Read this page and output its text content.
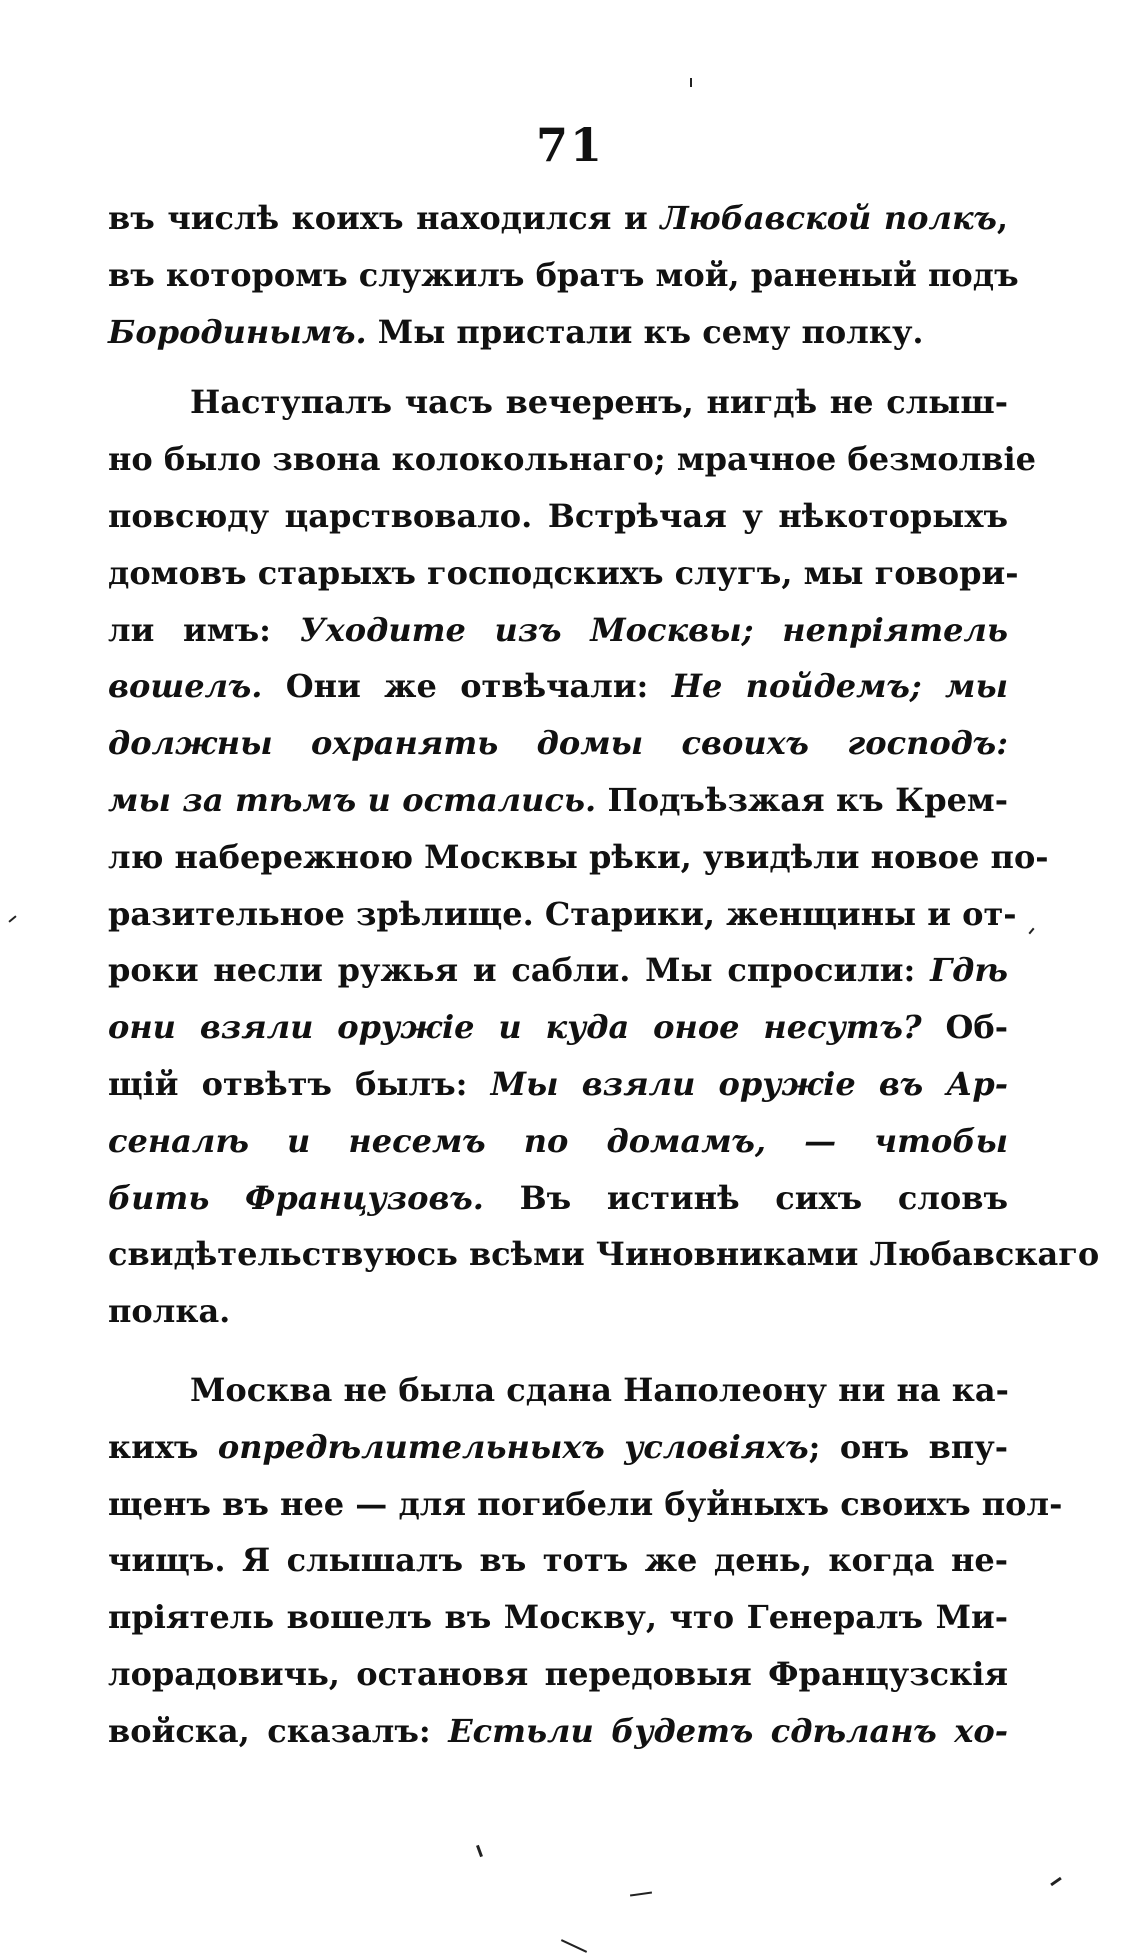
71
въ числѣ коихъ находился и Любавской полкъ,
въ которомъ служилъ братъ мой, раненый подъ
Бородинымъ. Мы пристали къ сему полку.
Наступалъ часъ вечеренъ, нигдѣ не слыш-
но было звона колокольнаго; мрачное безмолвіе
повсюду царствовало. Встрѣчая у нѣкоторыхъ
домовъ старыхъ господскихъ слугъ, мы говори-
ли имъ: Уходите изъ Москвы; непріятель
вошелъ. Они же отвѣчали: Не пойдемъ; мы
должны охранять домы своихъ господъ:
мы за тѣмъ и остались. Подъѣзжая къ Крем-
лю набережною Москвы рѣки, увидѣли новое по-
разительное зрѣлище. Старики, женщины и от-
роки несли ружья и сабли. Мы спросили: Гдѣ
они взяли оружіе и куда оное несутъ? Об-
щій отвѣтъ былъ: Мы взяли оружіе въ Ар-
сеналѣ и несемъ по домамъ, — чтобы
бить Французовъ. Въ истинѣ сихъ словъ
свидѣтельствуюсь всѣми Чиновниками Любавскаго
полка.
Москва не была сдана Наполеону ни на ка-
кихъ опредѣлительныхъ условіяхъ; онъ впу-
щенъ въ нее — для погибели буйныхъ своихъ пол-
чищъ. Я слышалъ въ тотъ же день, когда не-
пріятель вошелъ въ Москву, что Генералъ Ми-
лорадовичь, остановя передовыя Французскія
войска, сказалъ: Естьли будетъ сдѣланъ хо-
